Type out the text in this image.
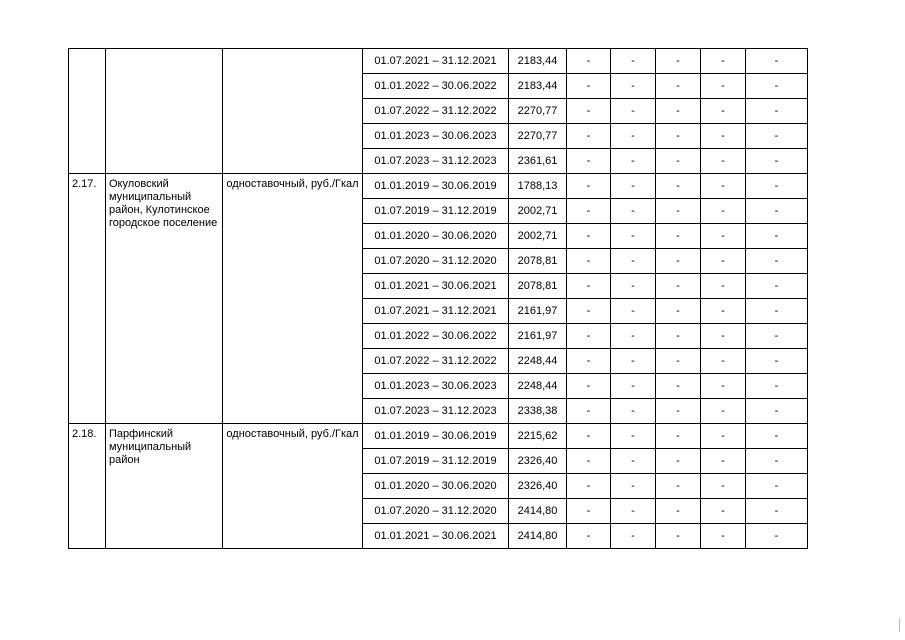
			01.07.2021 – 31.12.2021	2183,44	-	-	-	-	-
			01.01.2022 – 30.06.2022	2183,44	-	-	-	-	-
			01.07.2022 – 31.12.2022	2270,77	-	-	-	-	-
			01.01.2023 – 30.06.2023	2270,77	-	-	-	-	-
			01.07.2023 – 31.12.2023	2361,61	-	-	-	-	-
2.17.	Окуловский муниципальный район, Кулотинское городское поселение	одноставочный, руб./Гкал	01.01.2019 – 30.06.2019	1788,13	-	-	-	-	-
			01.07.2019 – 31.12.2019	2002,71	-	-	-	-	-
			01.01.2020 – 30.06.2020	2002,71	-	-	-	-	-
			01.07.2020 – 31.12.2020	2078,81	-	-	-	-	-
			01.01.2021 – 30.06.2021	2078,81	-	-	-	-	-
			01.07.2021 – 31.12.2021	2161,97	-	-	-	-	-
			01.01.2022 – 30.06.2022	2161,97	-	-	-	-	-
			01.07.2022 – 31.12.2022	2248,44	-	-	-	-	-
			01.01.2023 – 30.06.2023	2248,44	-	-	-	-	-
			01.07.2023 – 31.12.2023	2338,38	-	-	-	-	-
2.18.	Парфинский муниципальный район	одноставочный, руб./Гкал	01.01.2019 – 30.06.2019	2215,62	-	-	-	-	-
			01.07.2019 – 31.12.2019	2326,40	-	-	-	-	-
			01.01.2020 – 30.06.2020	2326,40	-	-	-	-	-
			01.07.2020 – 31.12.2020	2414,80	-	-	-	-	-
			01.01.2021 – 30.06.2021	2414,80	-	-	-	-	-
